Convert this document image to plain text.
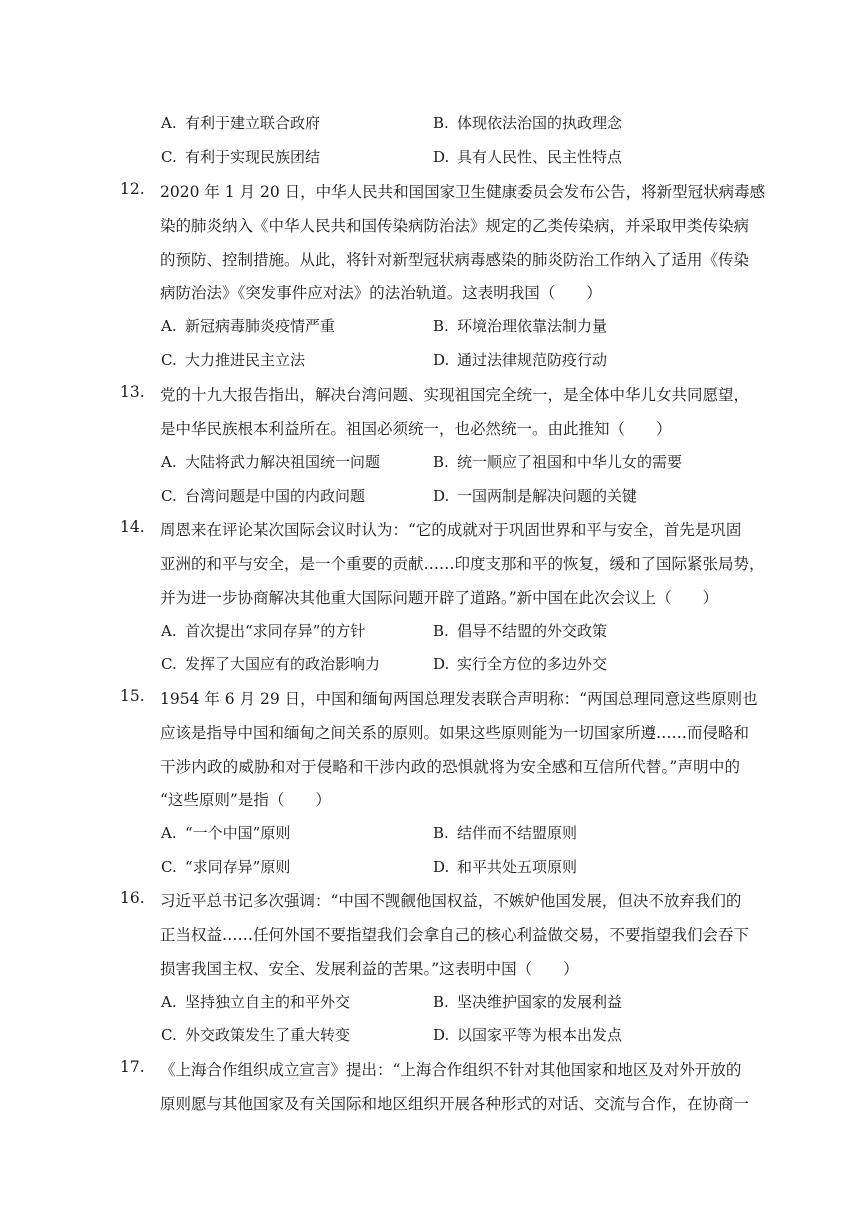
A. 有利于建立联合政府	B. 体现依法治国的执政理念
C. 有利于实现民族团结	D. 具有人民性、民主性特点
12. 2020 年 1 月 20 日，中华人民共和国国家卫生健康委员会发布公告，将新型冠状病毒感
染的肺炎纳入《中华人民共和国传染病防治法》规定的乙类传染病，并采取甲类传染病
的预防、控制措施。从此，将针对新型冠状病毒感染的肺炎防治工作纳入了适用《传染
病防治法》《突发事件应对法》的法治轨道。这表明我国（　　）
A. 新冠病毒肺炎疫情严重	B. 环境治理依靠法制力量
C. 大力推进民主立法	D. 通过法律规范防疫行动
13. 党的十九大报告指出，解决台湾问题、实现祖国完全统一，是全体中华儿女共同愿望，
是中华民族根本利益所在。祖国必须统一，也必然统一。由此推知（　　）
A. 大陆将武力解决祖国统一问题	B. 统一顺应了祖国和中华儿女的需要
C. 台湾问题是中国的内政问题	D. 一国两制是解决问题的关键
14. 周恩来在评论某次国际会议时认为：“它的成就对于巩固世界和平与安全，首先是巩固
亚洲的和平与安全，是一个重要的贡献……印度支那和平的恢复，缓和了国际紧张局势，
并为进一步协商解决其他重大国际问题开辟了道路。”新中国在此次会议上（　　）
A. 首次提出“求同存异”的方针	B. 倡导不结盟的外交政策
C. 发挥了大国应有的政治影响力	D. 实行全方位的多边外交
15. 1954 年 6 月 29 日，中国和缅甸两国总理发表联合声明称：“两国总理同意这些原则也
应该是指导中国和缅甸之间关系的原则。如果这些原则能为一切国家所遵……而侵略和
干涉内政的威胁和对于侵略和干涉内政的恐惧就将为安全感和互信所代替。”声明中的
“这些原则”是指（　　）
A. “一个中国”原则	B. 结伴而不结盟原则
C. “求同存异”原则	D. 和平共处五项原则
16. 习近平总书记多次强调：“中国不觊觎他国权益，不嫉妒他国发展，但决不放弃我们的
正当权益……任何外国不要指望我们会拿自己的核心利益做交易，不要指望我们会吞下
损害我国主权、安全、发展利益的苦果。”这表明中国（　　）
A. 坚持独立自主的和平外交	B. 坚决维护国家的发展利益
C. 外交政策发生了重大转变	D. 以国家平等为根本出发点
17. 《上海合作组织成立宣言》提出：“上海合作组织不针对其他国家和地区及对外开放的
原则愿与其他国家及有关国际和地区组织开展各种形式的对话、交流与合作，在协商一
